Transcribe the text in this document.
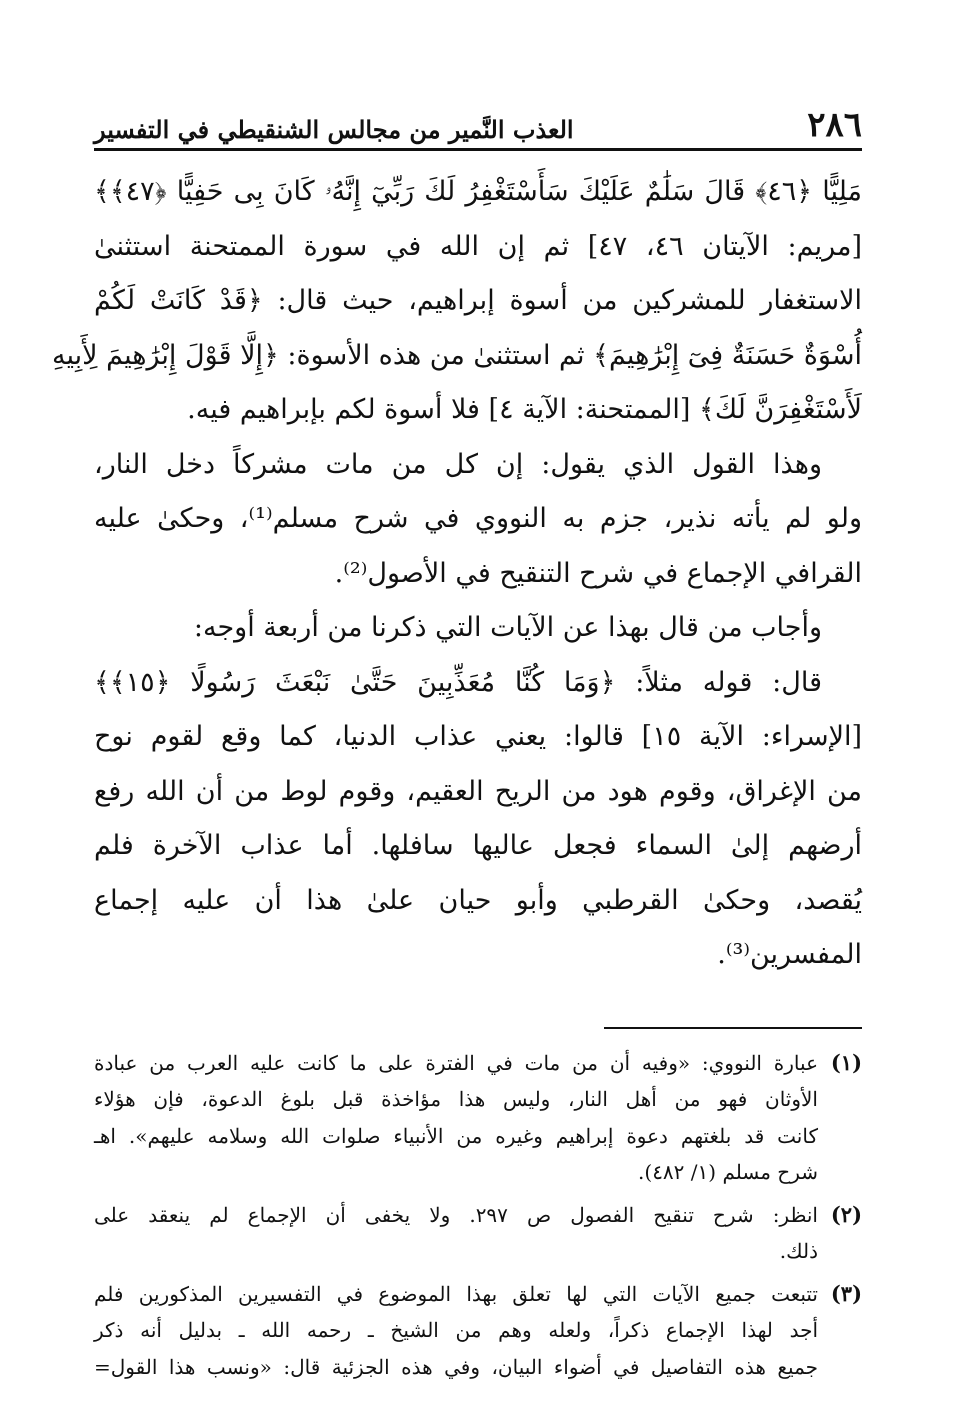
٢٨٦
العذب النَّمير من مجالس الشنقيطي في التفسير
مَلِيًّا ﴿٤٦﴾ قَالَ سَلَٰمٌ عَلَيْكَ سَأَسْتَغْفِرُ لَكَ رَبِّيٓ إِنَّهُۥ كَانَ بِى حَفِيًّا ﴿٤٧﴾﴾
[مريم: الآيتان ٤٦، ٤٧] ثم إن الله في سورة الممتحنة استثنىٰ
الاستغفار للمشركين من أسوة إبراهيم، حيث قال: ﴿قَدْ كَانَتْ لَكُمْ
أُسْوَةٌ حَسَنَةٌ فِىٓ إِبْرَٰهِيمَ﴾ ثم استثنىٰ من هذه الأسوة: ﴿إِلَّا قَوْلَ إِبْرَٰهِيمَ لِأَبِيهِ
لَأَسْتَغْفِرَنَّ لَكَ﴾ [الممتحنة: الآية ٤] فلا أسوة لكم بإبراهيم فيه.
وهذا القول الذي يقول: إن كل من مات مشركاً دخل النار،
ولو لم يأته نذير، جزم به النووي في شرح مسلم⁽¹⁾، وحكىٰ عليه
القرافي الإجماع في شرح التنقيح في الأصول⁽²⁾.
وأجاب من قال بهذا عن الآيات التي ذكرنا من أربعة أوجه:
قال: قوله مثلاً: ﴿وَمَا كُنَّا مُعَذِّبِينَ حَتَّىٰ نَبْعَثَ رَسُولًا ﴿١٥﴾﴾
[الإسراء: الآية ١٥] قالوا: يعني عذاب الدنيا، كما وقع لقوم نوح
من الإغراق، وقوم هود من الريح العقيم، وقوم لوط من أن الله رفع
أرضهم إلىٰ السماء فجعل عاليها سافلها. أما عذاب الآخرة فلم
يُقصد، وحكىٰ القرطبي وأبو حيان علىٰ هذا أن عليه إجماع
المفسرين⁽³⁾.
(١)
عبارة النووي: «وفيه أن من مات في الفترة على ما كانت عليه العرب من عبادة
الأوثان فهو من أهل النار، وليس هذا مؤاخذة قبل بلوغ الدعوة، فإن هؤلاء
كانت قد بلغتهم دعوة إبراهيم وغيره من الأنبياء صلوات الله وسلامه عليهم». اهـ
شرح مسلم (١/ ٤٨٢).
(٢)
انظر: شرح تنقيح الفصول ص ٢٩٧. ولا يخفى أن الإجماع لم ينعقد على
ذلك.
(٣)
تتبعت جميع الآيات التي لها تعلق بهذا الموضوع في التفسيرين المذكورين فلم
أجد لهذا الإجماع ذكراً، ولعله وهم من الشيخ ـ رحمه الله ـ بدليل أنه ذكر
جميع هذه التفاصيل في أضواء البيان، وفي هذه الجزئية قال: «ونسب هذا القول=
